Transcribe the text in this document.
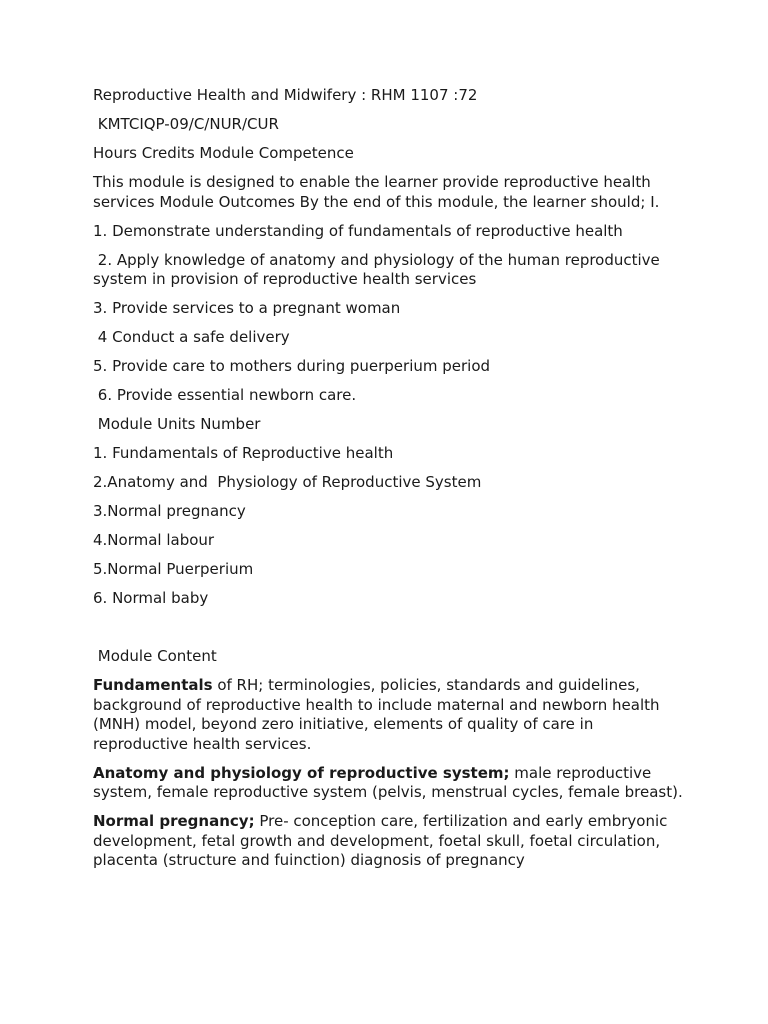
Reproductive Health and Midwifery : RHM 1107 :72

KMTCIQP-09/C/NUR/CUR

Hours Credits Module Competence

This module is designed to enable the learner provide reproductive health services Module Outcomes By the end of this module, the learner should; I.

1. Demonstrate understanding of fundamentals of reproductive health

2. Apply knowledge of anatomy and physiology of the human reproductive system in provision of reproductive health services

3. Provide services to a pregnant woman

4 Conduct a safe delivery

5. Provide care to mothers during puerperium period

6. Provide essential newborn care.

Module Units Number

1. Fundamentals of Reproductive health

2.Anatomy and  Physiology of Reproductive System

3.Normal pregnancy

4.Normal labour

5.Normal Puerperium

6. Normal baby

Module Content

Fundamentals of RH; terminologies, policies, standards and guidelines, background of reproductive health to include maternal and newborn health (MNH) model, beyond zero initiative, elements of quality of care in reproductive health services.

Anatomy and physiology of reproductive system; male reproductive system, female reproductive system (pelvis, menstrual cycles, female breast).

Normal pregnancy; Pre- conception care, fertilization and early embryonic development, fetal growth and development, foetal skull, foetal circulation, placenta (structure and fuinction) diagnosis of pregnancy
